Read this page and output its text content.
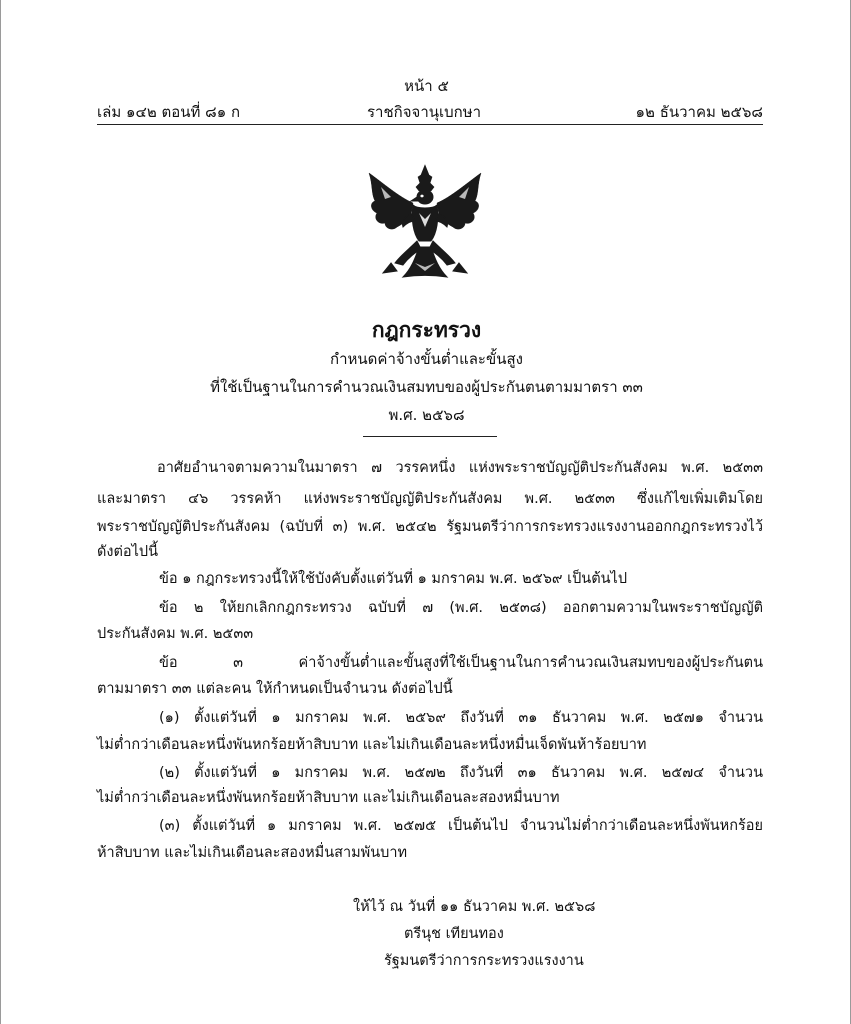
หน้า ๕
เล่ม ๑๔๒ ตอนที่ ๘๑ ก	ราชกิจจานุเบกษา	๑๒ ธันวาคม ๒๕๖๘
กฎกระทรวง
กำหนดค่าจ้างขั้นต่ำและขั้นสูง
ที่ใช้เป็นฐานในการคำนวณเงินสมทบของผู้ประกันตนตามมาตรา ๓๓
พ.ศ. ๒๕๖๘
อาศัยอำนาจตามความในมาตรา ๗ วรรคหนึ่ง แห่งพระราชบัญญัติประกันสังคม พ.ศ. ๒๕๓๓
และมาตรา ๔๖ วรรคห้า แห่งพระราชบัญญัติประกันสังคม พ.ศ. ๒๕๓๓ ซึ่งแก้ไขเพิ่มเติมโดย
พระราชบัญญัติประกันสังคม (ฉบับที่ ๓) พ.ศ. ๒๕๔๒ รัฐมนตรีว่าการกระทรวงแรงงานออกกฎกระทรวงไว้
ดังต่อไปนี้
ข้อ ๑ กฎกระทรวงนี้ให้ใช้บังคับตั้งแต่วันที่ ๑ มกราคม พ.ศ. ๒๕๖๙ เป็นต้นไป
ข้อ ๒ ให้ยกเลิกกฎกระทรวง ฉบับที่ ๗ (พ.ศ. ๒๕๓๘) ออกตามความในพระราชบัญญัติ
ประกันสังคม พ.ศ. ๒๕๓๓
ข้อ ๓ ค่าจ้างขั้นต่ำและขั้นสูงที่ใช้เป็นฐานในการคำนวณเงินสมทบของผู้ประกันตน
ตามมาตรา ๓๓ แต่ละคน ให้กำหนดเป็นจำนวน ดังต่อไปนี้
(๑) ตั้งแต่วันที่ ๑ มกราคม พ.ศ. ๒๕๖๙ ถึงวันที่ ๓๑ ธันวาคม พ.ศ. ๒๕๗๑ จำนวน
ไม่ต่ำกว่าเดือนละหนึ่งพันหกร้อยห้าสิบบาท และไม่เกินเดือนละหนึ่งหมื่นเจ็ดพันห้าร้อยบาท
(๒) ตั้งแต่วันที่ ๑ มกราคม พ.ศ. ๒๕๗๒ ถึงวันที่ ๓๑ ธันวาคม พ.ศ. ๒๕๗๔ จำนวน
ไม่ต่ำกว่าเดือนละหนึ่งพันหกร้อยห้าสิบบาท และไม่เกินเดือนละสองหมื่นบาท
(๓) ตั้งแต่วันที่ ๑ มกราคม พ.ศ. ๒๕๗๕ เป็นต้นไป จำนวนไม่ต่ำกว่าเดือนละหนึ่งพันหกร้อย
ห้าสิบบาท และไม่เกินเดือนละสองหมื่นสามพันบาท
ให้ไว้ ณ วันที่ ๑๑ ธันวาคม พ.ศ. ๒๕๖๘
ตรีนุช เทียนทอง
รัฐมนตรีว่าการกระทรวงแรงงาน
